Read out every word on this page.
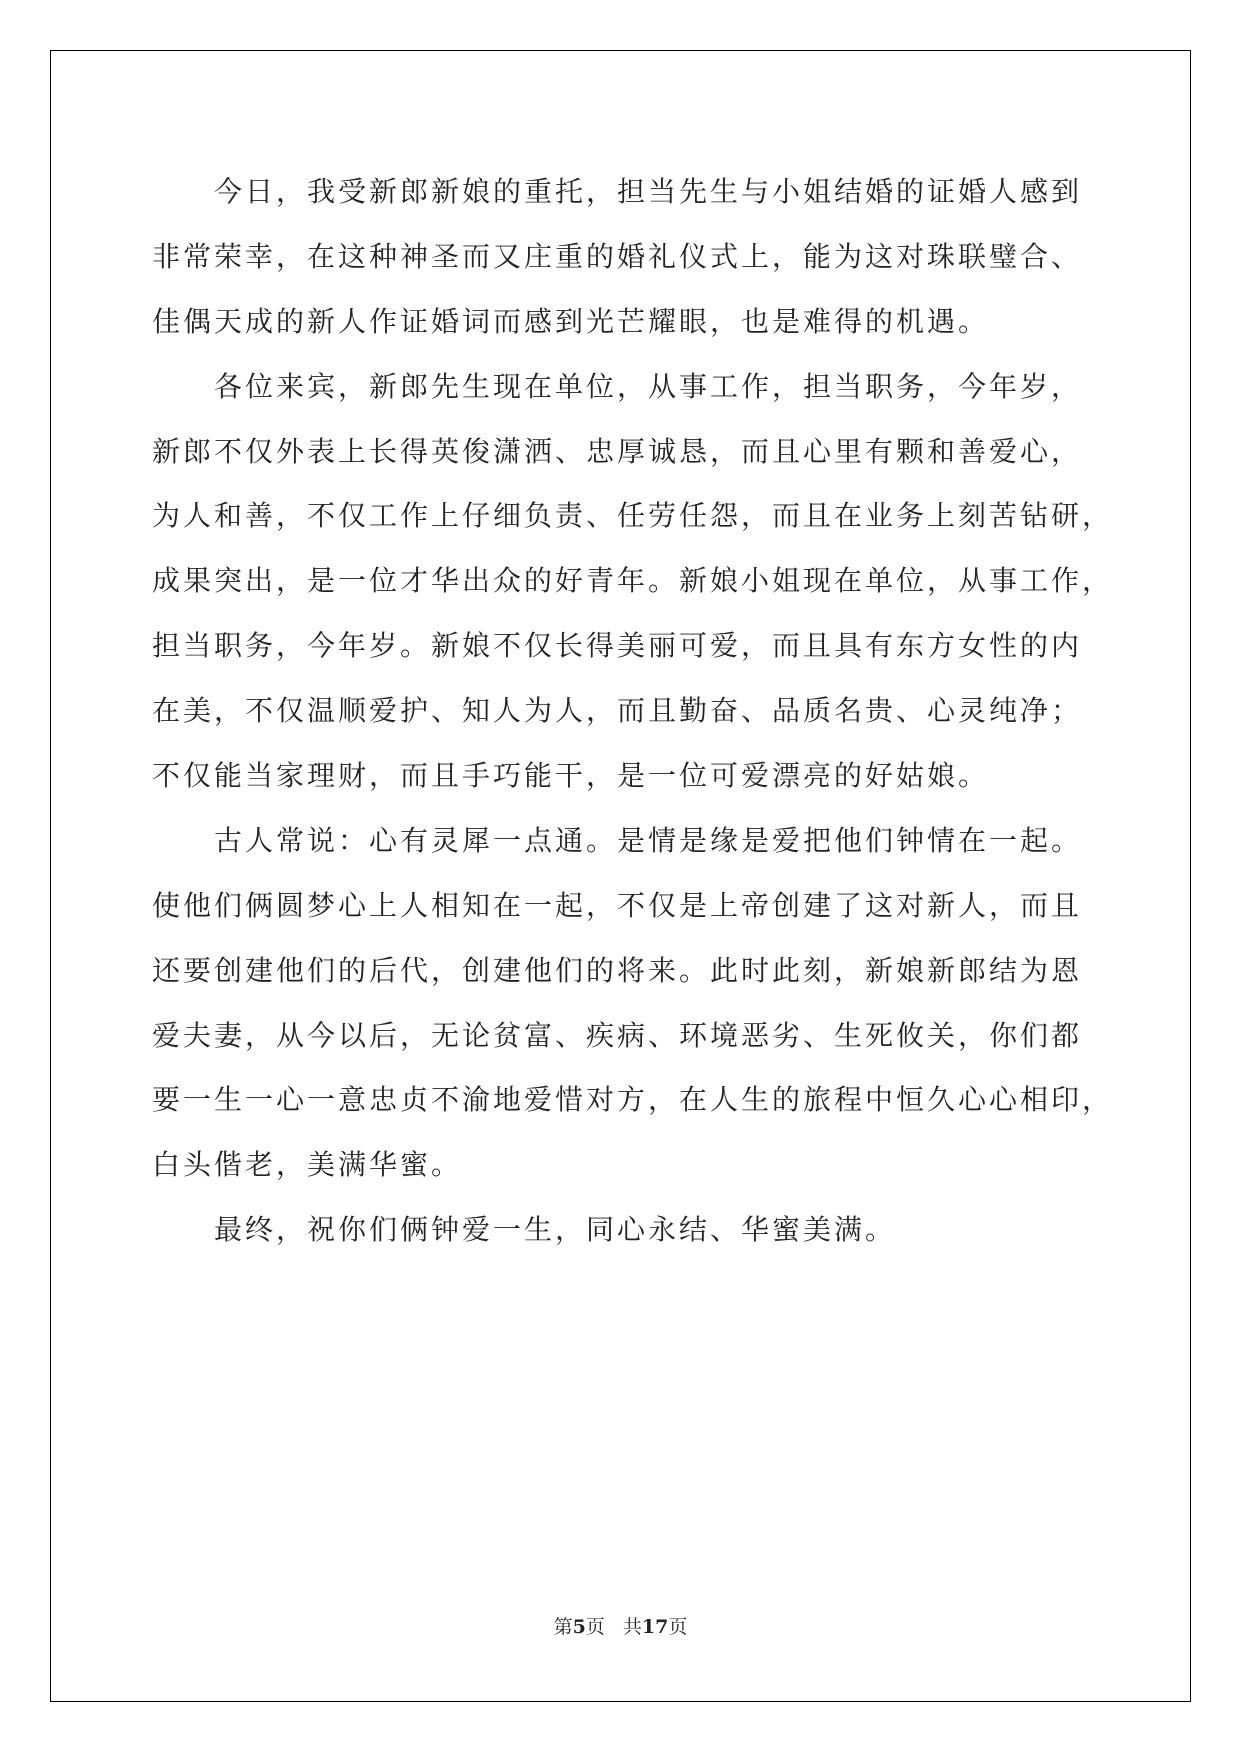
今日，我受新郎新娘的重托，担当先生与小姐结婚的证婚人感到
非常荣幸，在这种神圣而又庄重的婚礼仪式上，能为这对珠联璧合、
佳偶天成的新人作证婚词而感到光芒耀眼，也是难得的机遇。
各位来宾，新郎先生现在单位，从事工作，担当职务，今年岁，
新郎不仅外表上长得英俊潇洒、忠厚诚恳，而且心里有颗和善爱心，
为人和善，不仅工作上仔细负责、任劳任怨，而且在业务上刻苦钻研，
成果突出，是一位才华出众的好青年。新娘小姐现在单位，从事工作，
担当职务，今年岁。新娘不仅长得美丽可爱，而且具有东方女性的内
在美，不仅温顺爱护、知人为人，而且勤奋、品质名贵、心灵纯净；
不仅能当家理财，而且手巧能干，是一位可爱漂亮的好姑娘。
古人常说：心有灵犀一点通。是情是缘是爱把他们钟情在一起。
使他们俩圆梦心上人相知在一起，不仅是上帝创建了这对新人，而且
还要创建他们的后代，创建他们的将来。此时此刻，新娘新郎结为恩
爱夫妻，从今以后，无论贫富、疾病、环境恶劣、生死攸关，你们都
要一生一心一意忠贞不渝地爱惜对方，在人生的旅程中恒久心心相印，
白头偕老，美满华蜜。
最终，祝你们俩钟爱一生，同心永结、华蜜美满。
第5页 共17页
